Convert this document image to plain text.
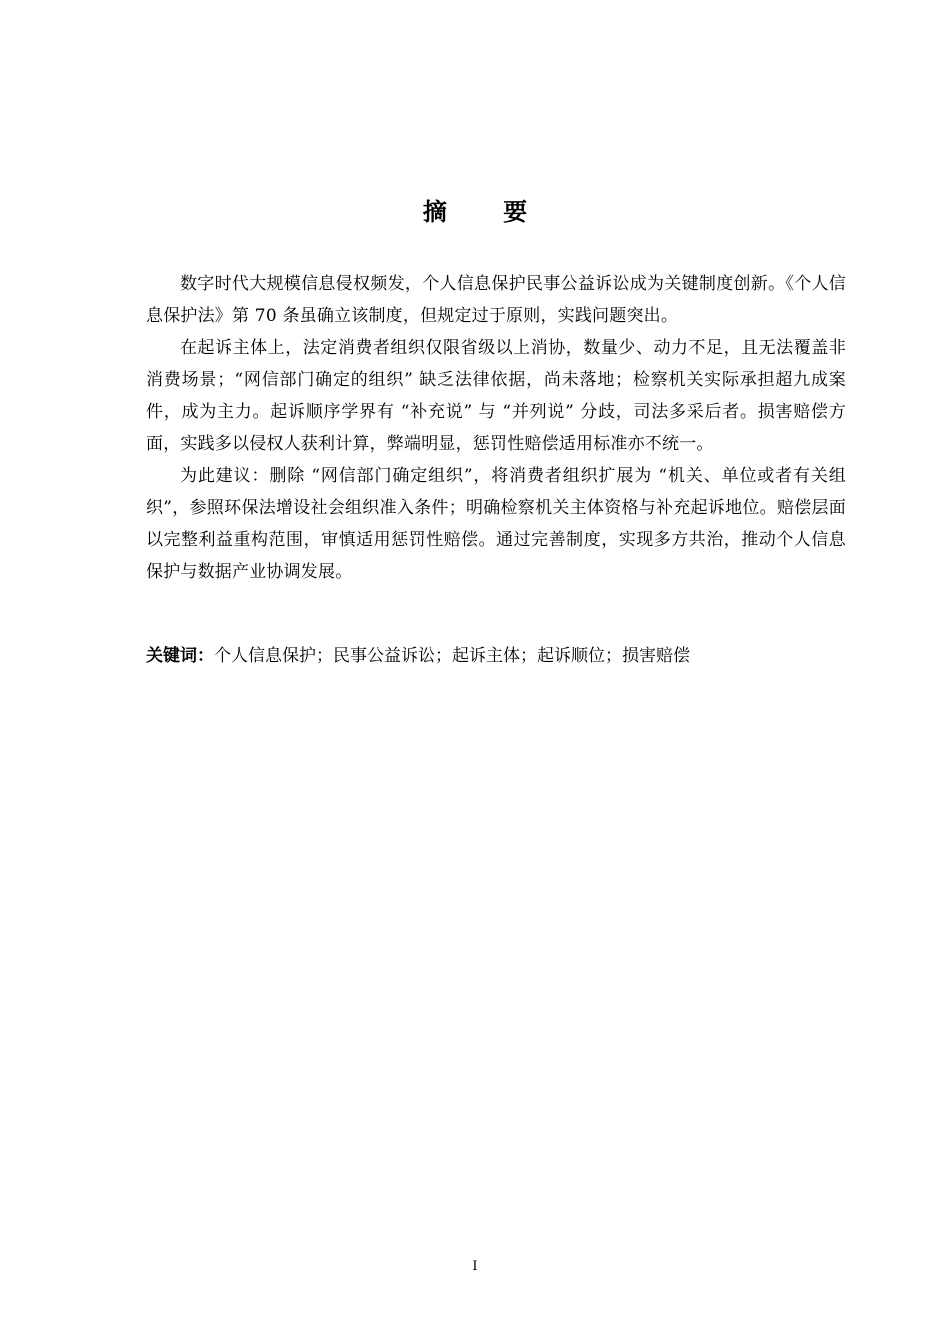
摘 要

数字时代大规模信息侵权频发，个人信息保护民事公益诉讼成为关键制度创新。《个人信息保护法》第 70 条虽确立该制度，但规定过于原则，实践问题突出。

在起诉主体上，法定消费者组织仅限省级以上消协，数量少、动力不足，且无法覆盖非消费场景；“网信部门确定的组织” 缺乏法律依据，尚未落地；检察机关实际承担超九成案件，成为主力。起诉顺序学界有 “补充说” 与 “并列说” 分歧，司法多采后者。损害赔偿方面，实践多以侵权人获利计算，弊端明显，惩罚性赔偿适用标准亦不统一。

为此建议：删除 “网信部门确定组织”，将消费者组织扩展为 “机关、单位或者有关组织”，参照环保法增设社会组织准入条件；明确检察机关主体资格与补充起诉地位。赔偿层面以完整利益重构范围，审慎适用惩罚性赔偿。通过完善制度，实现多方共治，推动个人信息保护与数据产业协调发展。

关键词：个人信息保护；民事公益诉讼；起诉主体；起诉顺位；损害赔偿
I
